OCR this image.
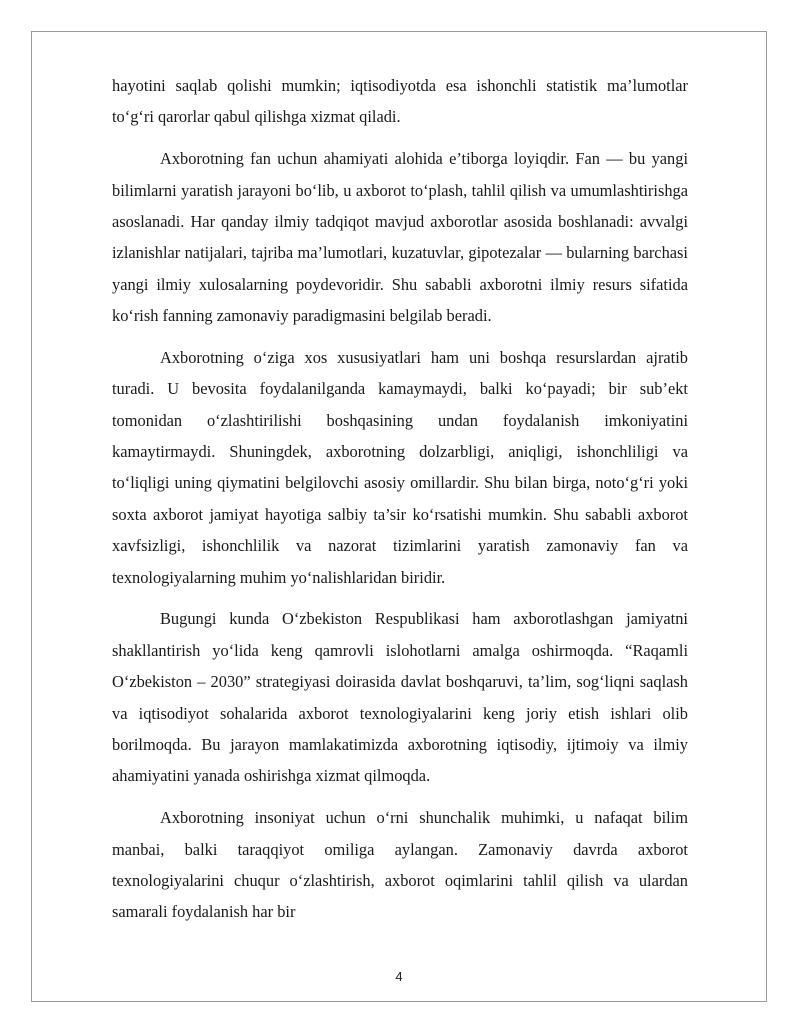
hayotini saqlab qolishi mumkin; iqtisodiyotda esa ishonchli statistik ma’lumotlar to‘g‘ri qarorlar qabul qilishga xizmat qiladi.

Axborotning fan uchun ahamiyati alohida e’tiborga loyiqdir. Fan — bu yangi bilimlarni yaratish jarayoni bo‘lib, u axborot to‘plash, tahlil qilish va umumlashtirishga asoslanadi. Har qanday ilmiy tadqiqot mavjud axborotlar asosida boshlanadi: avvalgi izlanishlar natijalari, tajriba ma’lumotlari, kuzatuvlar, gipotezalar — bularning barchasi yangi ilmiy xulosalarning poydevoridir. Shu sababli axborotni ilmiy resurs sifatida ko‘rish fanning zamonaviy paradigmasini belgilab beradi.

Axborotning o‘ziga xos xususiyatlari ham uni boshqa resurslardan ajratib turadi. U bevosita foydalanilganda kamaymaydi, balki ko‘payadi; bir sub’ekt tomonidan o‘zlashtirilishi boshqasining undan foydalanish imkoniyatini kamaytirmaydi. Shuningdek, axborotning dolzarbligi, aniqligi, ishonchliligi va to‘liqligi uning qiymatini belgilovchi asosiy omillardir. Shu bilan birga, noto‘g‘ri yoki soxta axborot jamiyat hayotiga salbiy ta’sir ko‘rsatishi mumkin. Shu sababli axborot xavfsizligi, ishonchlilik va nazorat tizimlarini yaratish zamonaviy fan va texnologiyalarning muhim yo‘nalishlaridan biridir.

Bugungi kunda O‘zbekiston Respublikasi ham axborotlashgan jamiyatni shakllantirish yo‘lida keng qamrovli islohotlarni amalga oshirmoqda. “Raqamli O‘zbekiston – 2030” strategiyasi doirasida davlat boshqaruvi, ta’lim, sog‘liqni saqlash va iqtisodiyot sohalarida axborot texnologiyalarini keng joriy etish ishlari olib borilmoqda. Bu jarayon mamlakatimizda axborotning iqtisodiy, ijtimoiy va ilmiy ahamiyatini yanada oshirishga xizmat qilmoqda.

Axborotning insoniyat uchun o‘rni shunchalik muhimki, u nafaqat bilim manbai, balki taraqqiyot omiliga aylangan. Zamonaviy davrda axborot texnologiyalarini chuqur o‘zlashtirish, axborot oqimlarini tahlil qilish va ulardan samarali foydalanish har bir

4
